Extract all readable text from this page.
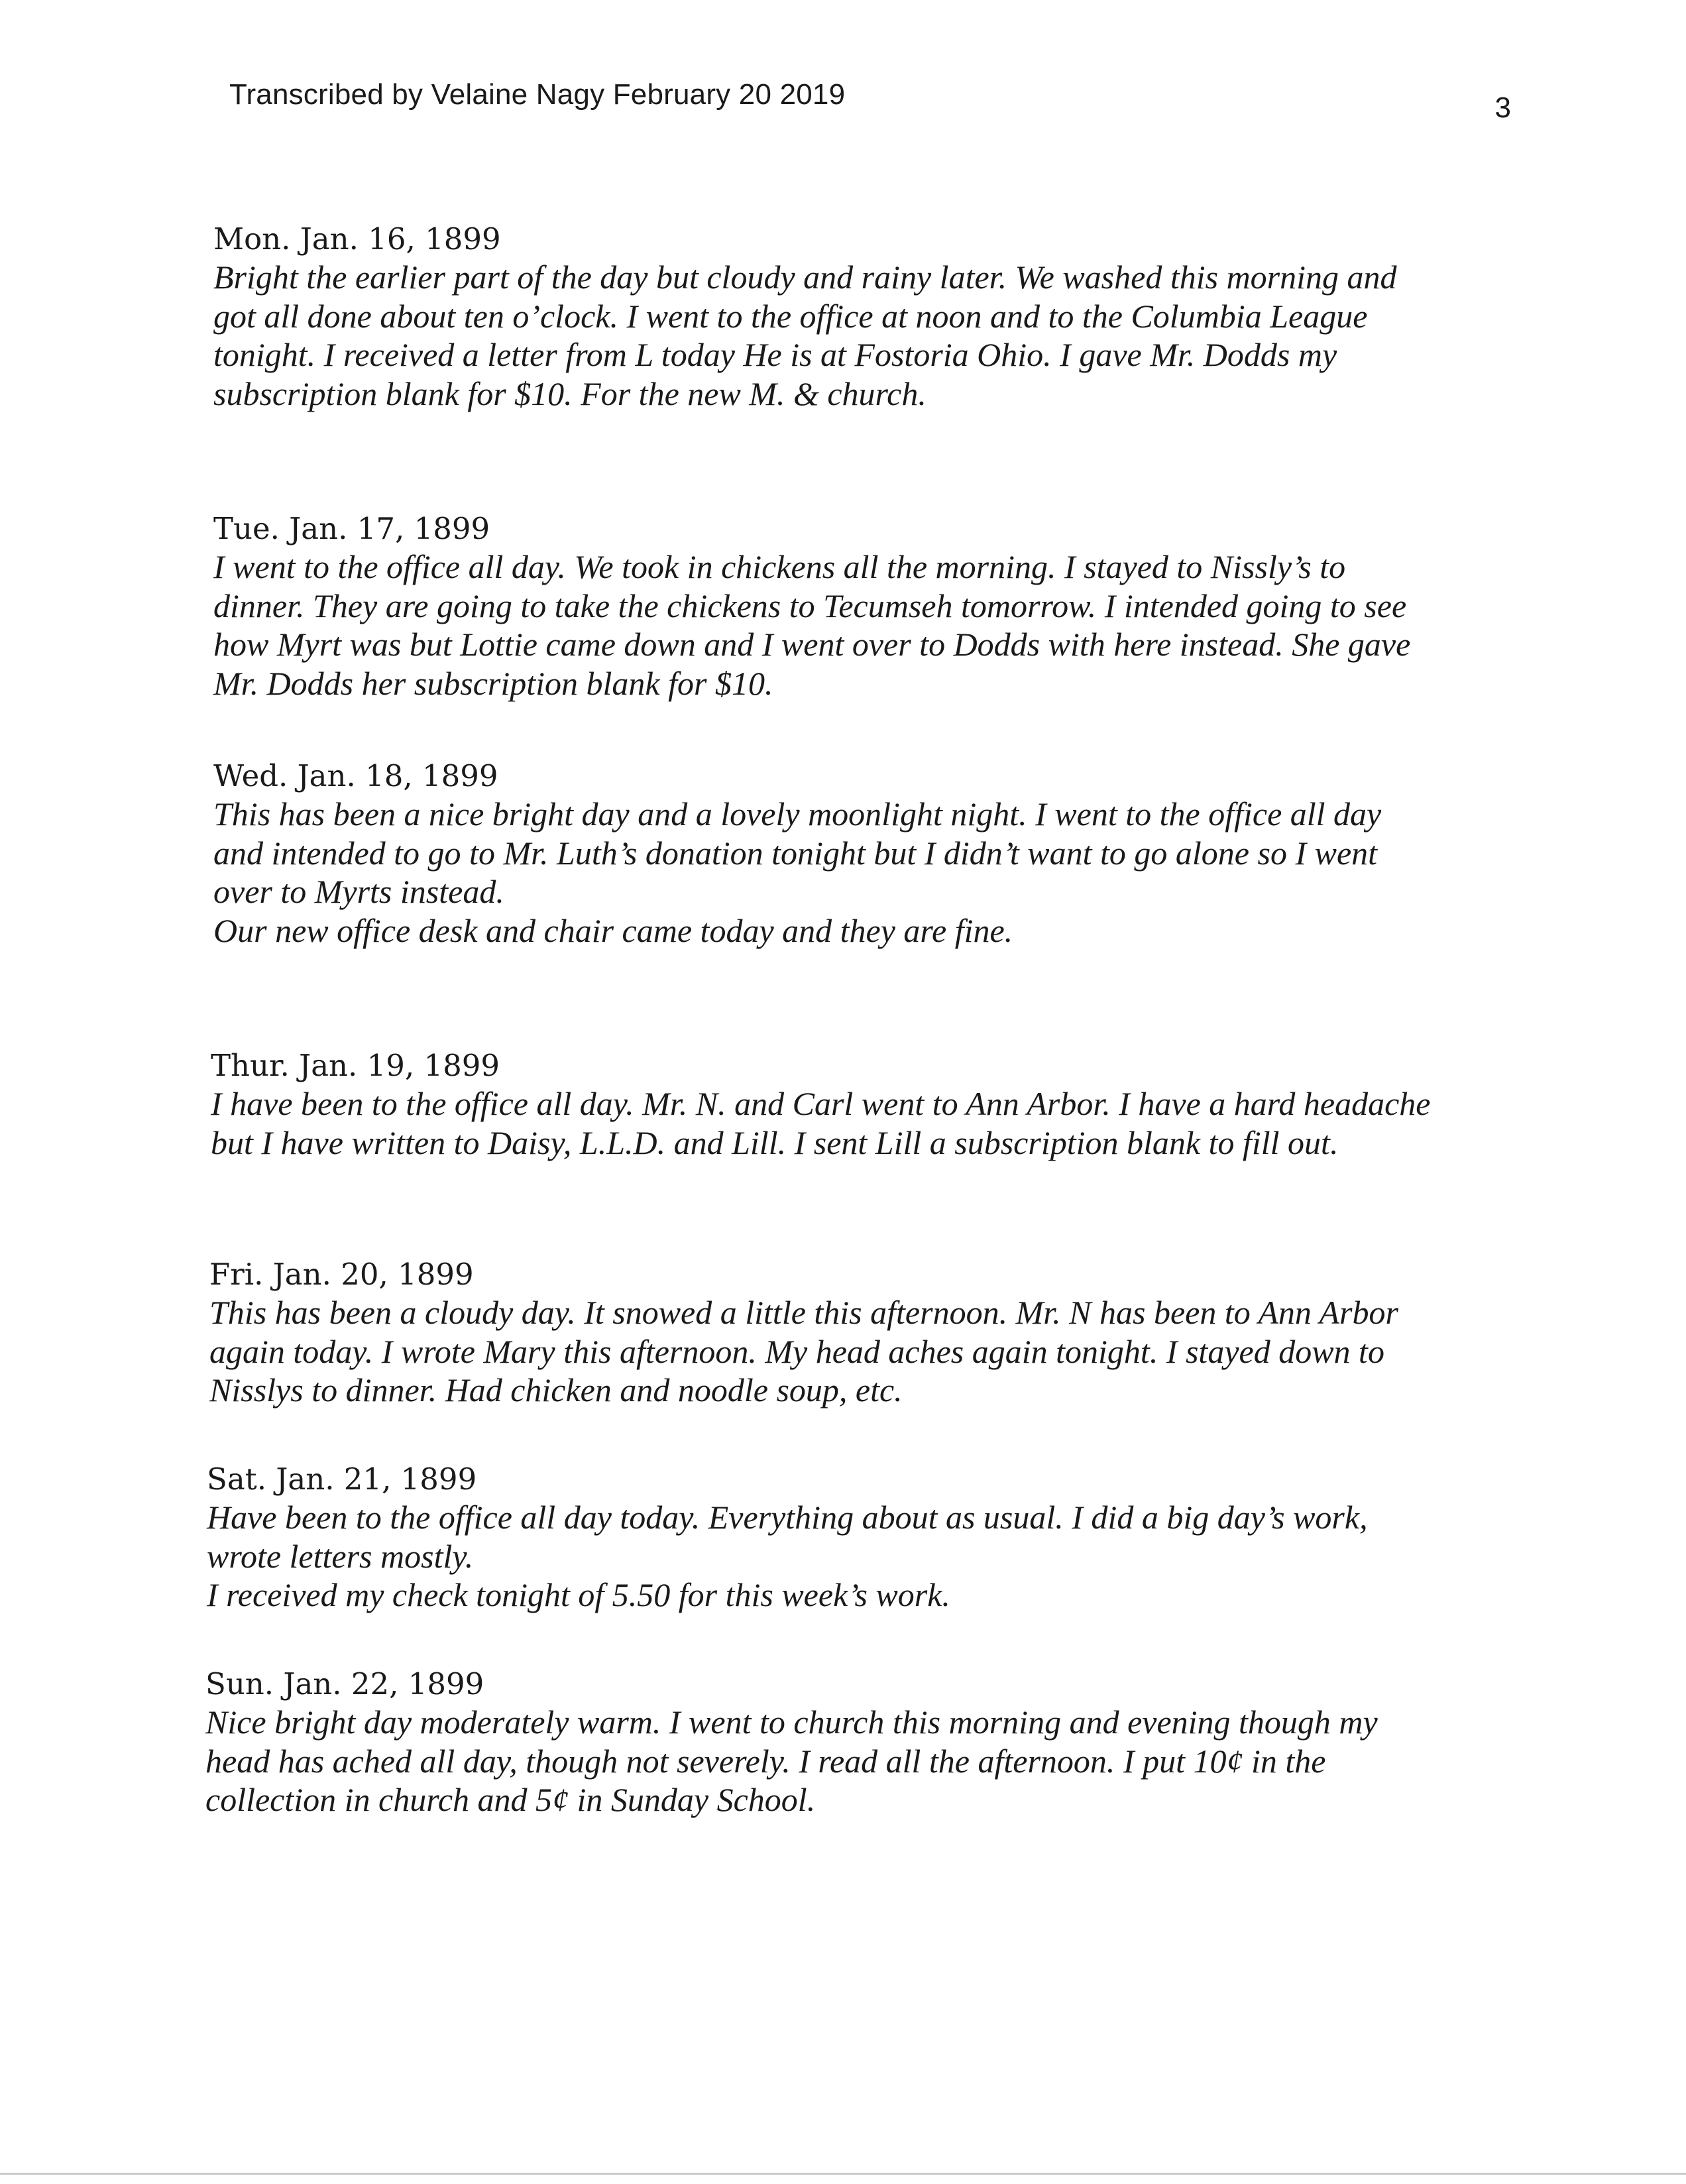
Transcribed by Velaine Nagy February 20 2019	3
Mon. Jan. 16, 1899
Bright the earlier part of the day but cloudy and rainy later. We washed this morning and
got all done about ten o’clock. I went to the office at noon and to the Columbia League
tonight. I received a letter from L today He is at Fostoria Ohio. I gave Mr. Dodds my
subscription blank for $10. For the new M. & church.
Tue. Jan. 17, 1899
I went to the office all day. We took in chickens all the morning. I stayed to Nissly’s to
dinner. They are going to take the chickens to Tecumseh tomorrow. I intended going to see
how Myrt was but Lottie came down and I went over to Dodds with here instead. She gave
Mr. Dodds her subscription blank for $10.
Wed. Jan. 18, 1899
This has been a nice bright day and a lovely moonlight night. I went to the office all day
and intended to go to Mr. Luth’s donation tonight but I didn’t want to go alone so I went
over to Myrts instead.
Our new office desk and chair came today and they are fine.
Thur. Jan. 19, 1899
I have been to the office all day. Mr. N. and Carl went to Ann Arbor. I have a hard headache
but I have written to Daisy, L.L.D. and Lill. I sent Lill a subscription blank to fill out.
Fri. Jan. 20, 1899
This has been a cloudy day. It snowed a little this afternoon. Mr. N has been to Ann Arbor
again today. I wrote Mary this afternoon. My head aches again tonight. I stayed down to
Nisslys to dinner. Had chicken and noodle soup, etc.
Sat. Jan. 21, 1899
Have been to the office all day today. Everything about as usual. I did a big day’s work,
wrote letters mostly.
I received my check tonight of 5.50 for this week’s work.
Sun. Jan. 22, 1899
Nice bright day moderately warm. I went to church this morning and evening though my
head has ached all day, though not severely. I read all the afternoon. I put 10¢ in the
collection in church and 5¢ in Sunday School.
